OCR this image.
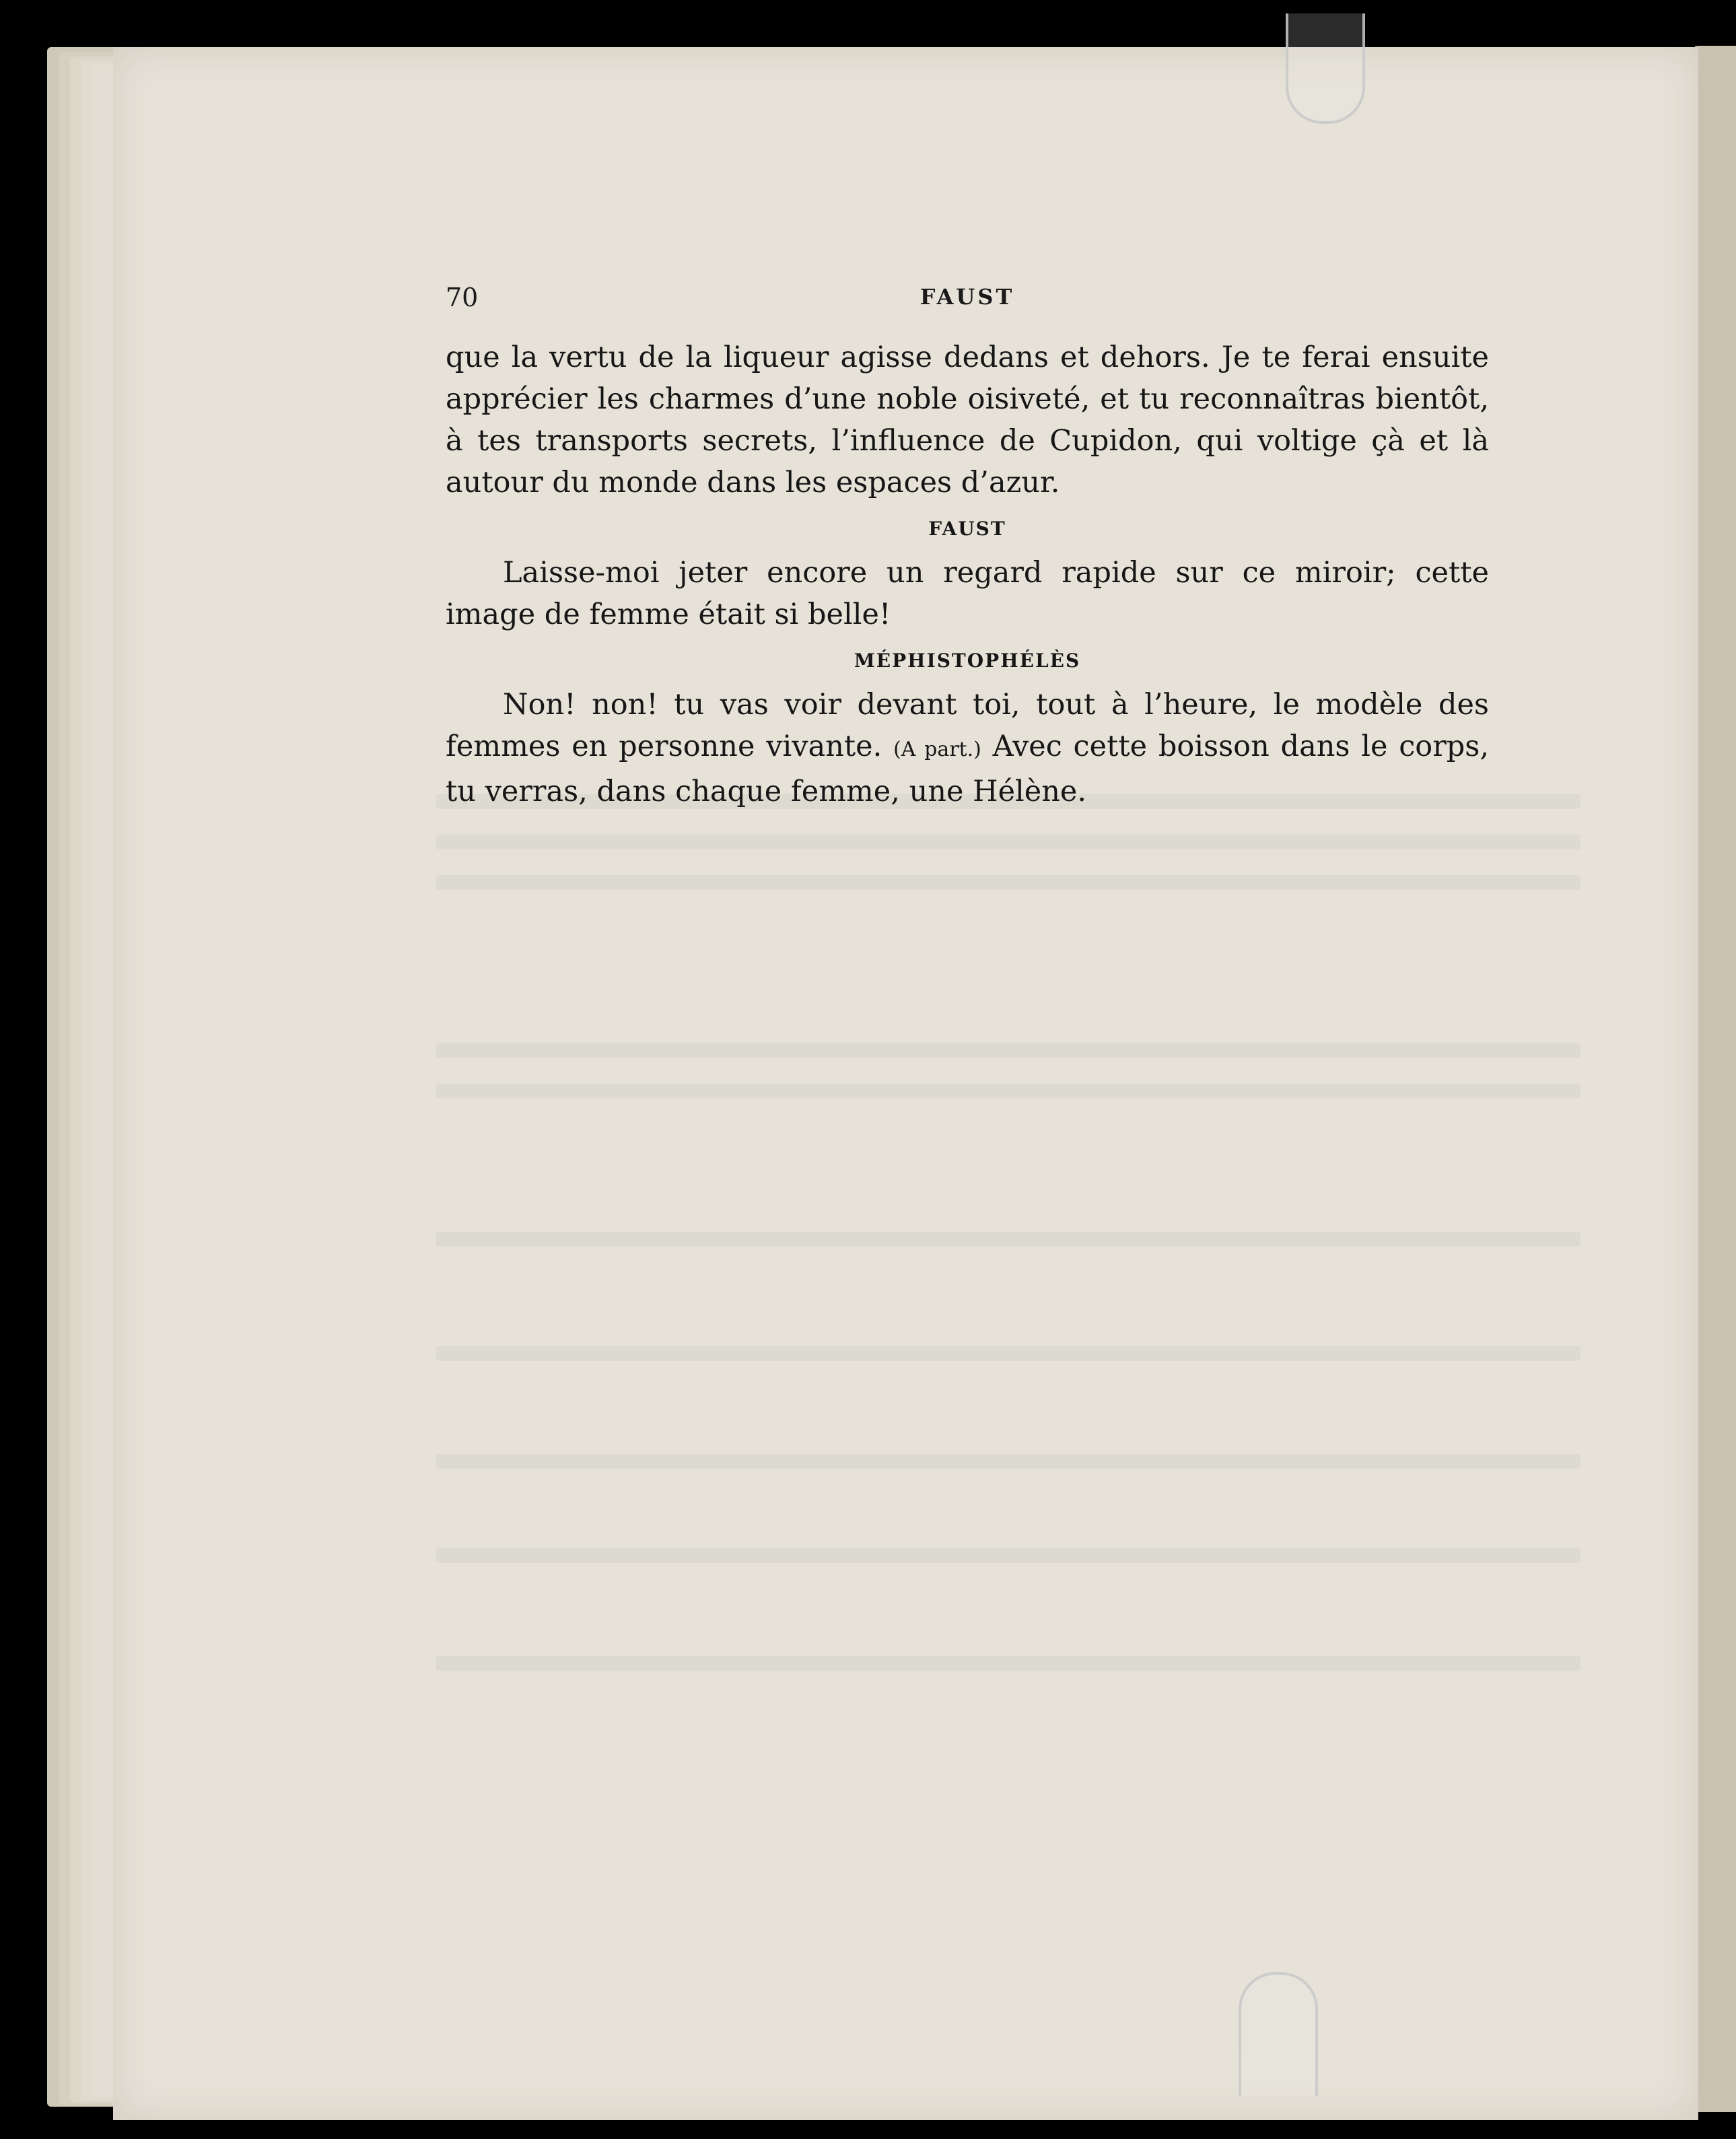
70	FAUST

que la vertu de la liqueur agisse dedans et dehors. Je te ferai ensuite apprécier les charmes d’une noble oisiveté, et tu reconnaîtras bientôt, à tes transports secrets, l’influence de Cupidon, qui voltige çà et là autour du monde dans les espaces d’azur.

FAUST

Laisse-moi jeter encore un regard rapide sur ce miroir; cette image de femme était si belle!

MÉPHISTOPHÉLÈS

Non! non! tu vas voir devant toi, tout à l’heure, le modèle des femmes en personne vivante. (A part.) Avec cette boisson dans le corps, tu verras, dans chaque femme, une Hélène.
